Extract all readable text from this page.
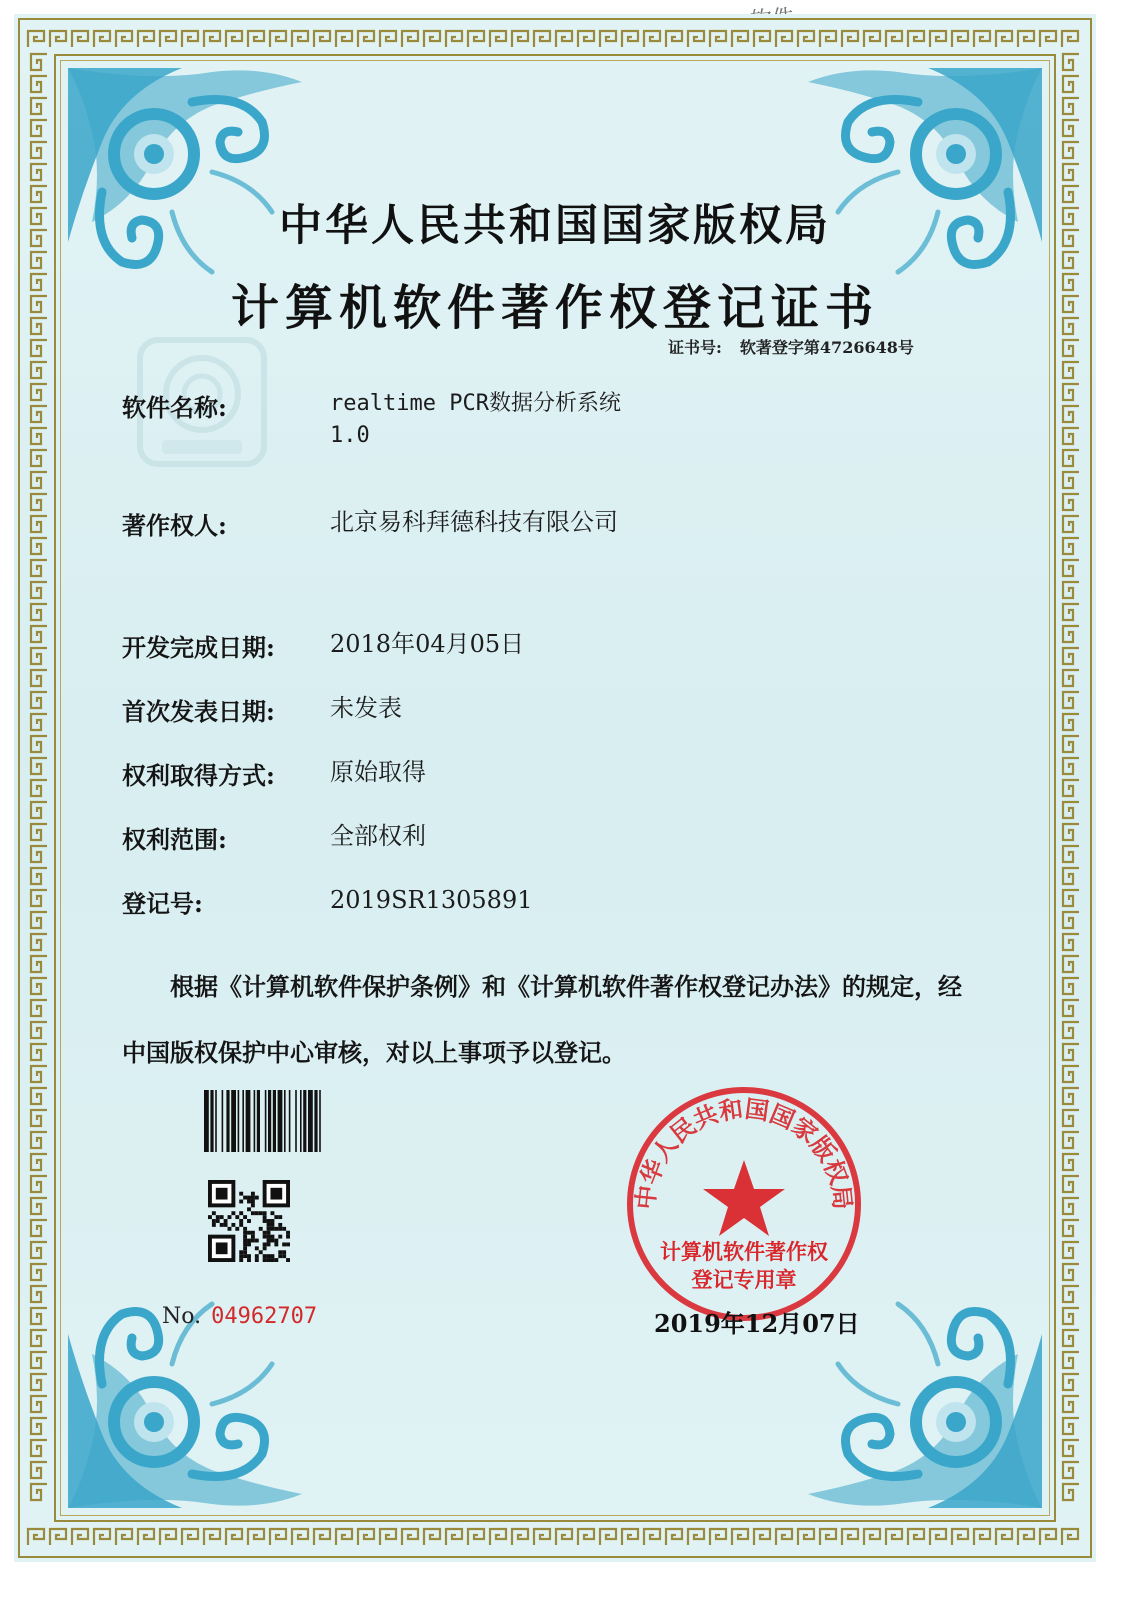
中华人民共和国国家版权局
计算机软件著作权登记证书
证书号: 软著登字第4726648号
软件名称:	realtime PCR数据分析系统
1.0
著作权人:	北京易科拜德科技有限公司
开发完成日期:	2018年04月05日
首次发表日期:	未发表
权利取得方式:	原始取得
权利范围:	全部权利
登记号:	2019SR1305891
根据《计算机软件保护条例》和《计算机软件著作权登记办法》的规定，经中国版权保护中心审核，对以上事项予以登记。
No. 04962707
中华人民共和国国家版权局
计算机软件著作权
登记专用章
2019年12月07日
